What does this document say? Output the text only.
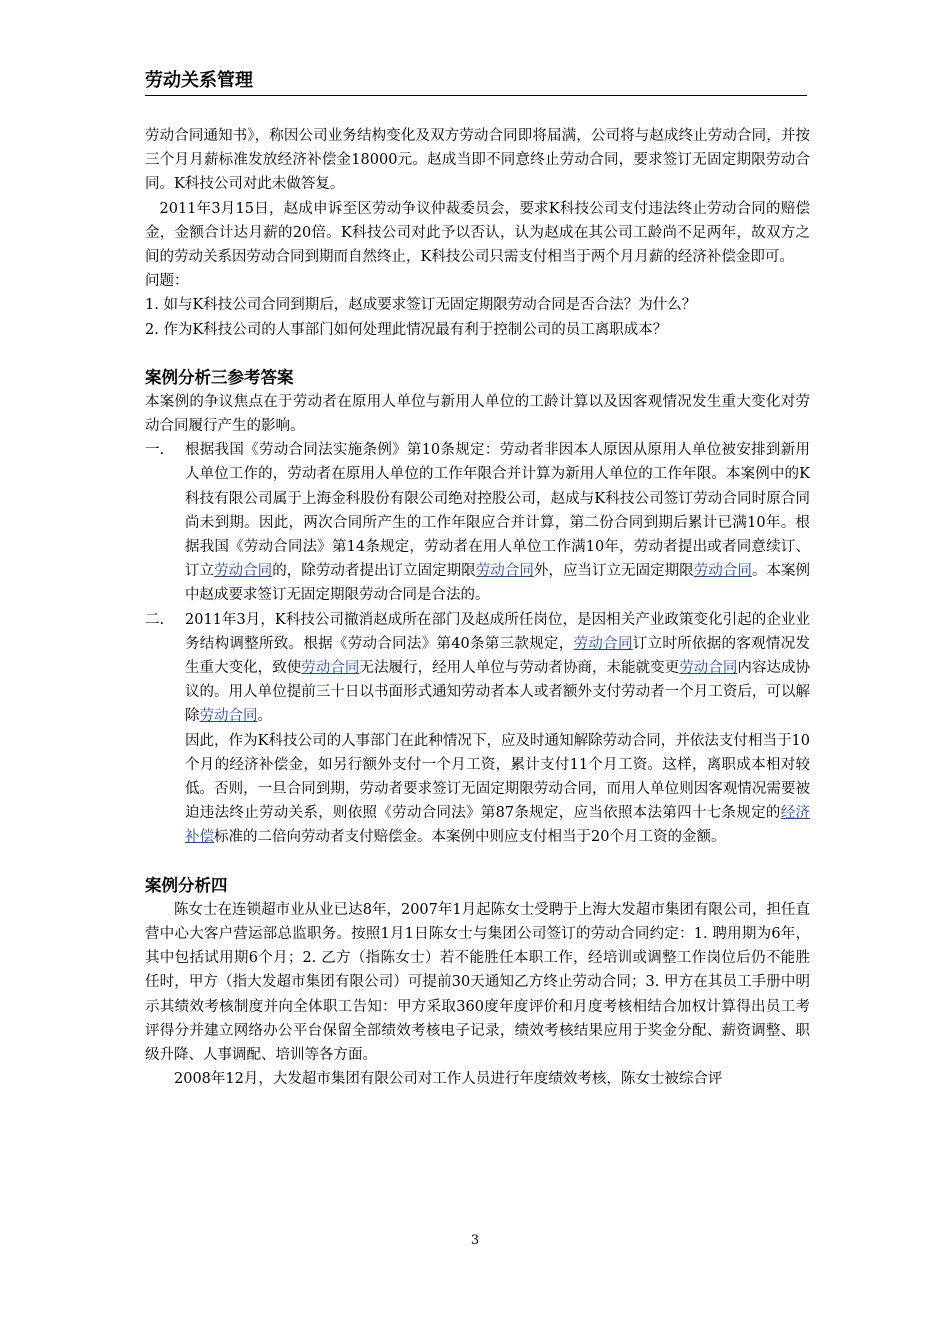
劳动关系管理

劳动合同通知书》，称因公司业务结构变化及双方劳动合同即将届满，公司将与赵成终止劳动合同，并按三个月月薪标准发放经济补偿金18000元。赵成当即不同意终止劳动合同，要求签订无固定期限劳动合同。K科技公司对此未做答复。

2011年3月15日，赵成申诉至区劳动争议仲裁委员会，要求K科技公司支付违法终止劳动合同的赔偿金，金额合计达月薪的20倍。K科技公司对此予以否认，认为赵成在其公司工龄尚不足两年，故双方之间的劳动关系因劳动合同到期而自然终止，K科技公司只需支付相当于两个月月薪的经济补偿金即可。

问题：

1. 如与K科技公司合同到期后，赵成要求签订无固定期限劳动合同是否合法？为什么？

2. 作为K科技公司的人事部门如何处理此情况最有利于控制公司的员工离职成本？

案例分析三参考答案

本案例的争议焦点在于劳动者在原用人单位与新用人单位的工龄计算以及因客观情况发生重大变化对劳动合同履行产生的影响。

一.	根据我国《劳动合同法实施条例》第10条规定：劳动者非因本人原因从原用人单位被安排到新用人单位工作的，劳动者在原用人单位的工作年限合并计算为新用人单位的工作年限。本案例中的K科技有限公司属于上海金科股份有限公司绝对控股公司，赵成与K科技公司签订劳动合同时原合同尚未到期。因此，两次合同所产生的工作年限应合并计算，第二份合同到期后累计已满10年。根据我国《劳动合同法》第14条规定，劳动者在用人单位工作满10年，劳动者提出或者同意续订、订立劳动合同的，除劳动者提出订立固定期限劳动合同外，应当订立无固定期限劳动合同。本案例中赵成要求签订无固定期限劳动合同是合法的。

二.	2011年3月，K科技公司撤消赵成所在部门及赵成所任岗位，是因相关产业政策变化引起的企业业务结构调整所致。根据《劳动合同法》第40条第三款规定，劳动合同订立时所依据的客观情况发生重大变化，致使劳动合同无法履行，经用人单位与劳动者协商，未能就变更劳动合同内容达成协议的。用人单位提前三十日以书面形式通知劳动者本人或者额外支付劳动者一个月工资后，可以解除劳动合同。

因此，作为K科技公司的人事部门在此种情况下，应及时通知解除劳动合同，并依法支付相当于10个月的经济补偿金，如另行额外支付一个月工资，累计支付11个月工资。这样，离职成本相对较低。否则，一旦合同到期，劳动者要求签订无固定期限劳动合同，而用人单位则因客观情况需要被迫违法终止劳动关系，则依照《劳动合同法》第87条规定，应当依照本法第四十七条规定的经济补偿标准的二倍向劳动者支付赔偿金。本案例中则应支付相当于20个月工资的金额。

案例分析四

陈女士在连锁超市业从业已达8年，2007年1月起陈女士受聘于上海大发超市集团有限公司，担任直营中心大客户营运部总监职务。按照1月1日陈女士与集团公司签订的劳动合同约定：1. 聘用期为6年，其中包括试用期6个月；2. 乙方（指陈女士）若不能胜任本职工作，经培训或调整工作岗位后仍不能胜任时，甲方（指大发超市集团有限公司）可提前30天通知乙方终止劳动合同；3. 甲方在其员工手册中明示其绩效考核制度并向全体职工告知：甲方采取360度年度评价和月度考核相结合加权计算得出员工考评得分并建立网络办公平台保留全部绩效考核电子记录，绩效考核结果应用于奖金分配、薪资调整、职级升降、人事调配、培训等各方面。

2008年12月，大发超市集团有限公司对工作人员进行年度绩效考核，陈女士被综合评

3
